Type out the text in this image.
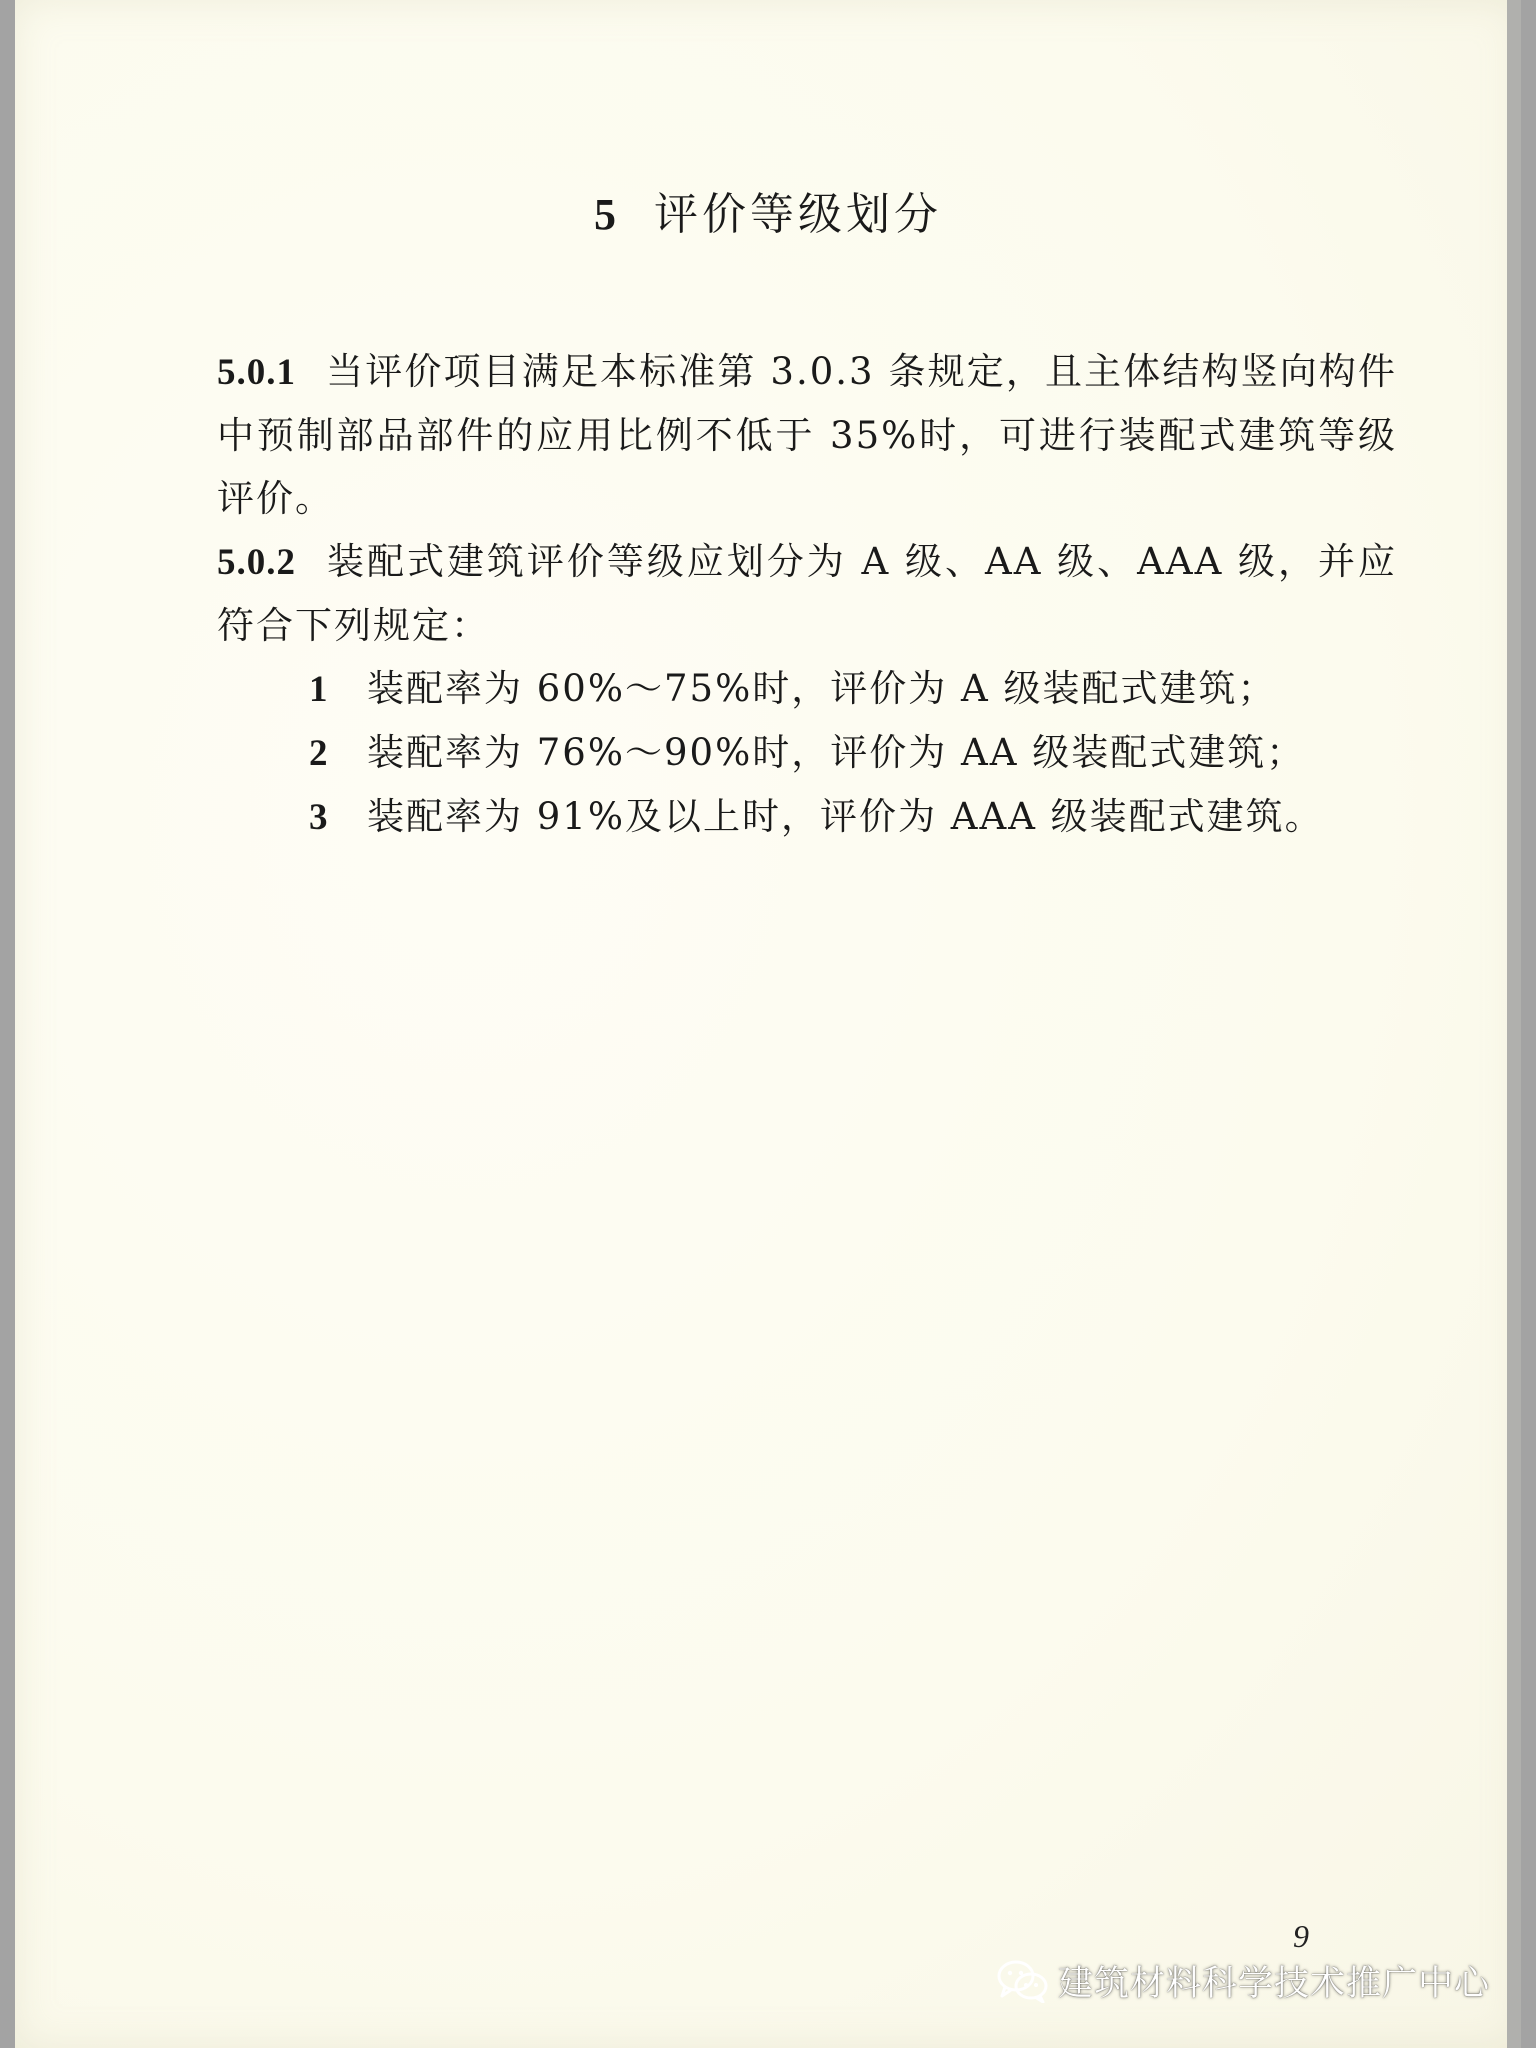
5 评价等级划分

5.0.1 当评价项目满足本标准第 3.0.3 条规定，且主体结构竖向构件中预制部品部件的应用比例不低于 35%时，可进行装配式建筑等级评价。

5.0.2 装配式建筑评价等级应划分为 A 级、AA 级、AAA 级，并应符合下列规定：

1 装配率为 60%～75%时，评价为 A 级装配式建筑；
2 装配率为 76%～90%时，评价为 AA 级装配式建筑；
3 装配率为 91%及以上时，评价为 AAA 级装配式建筑。
9
建筑材料科学技术推广中心
